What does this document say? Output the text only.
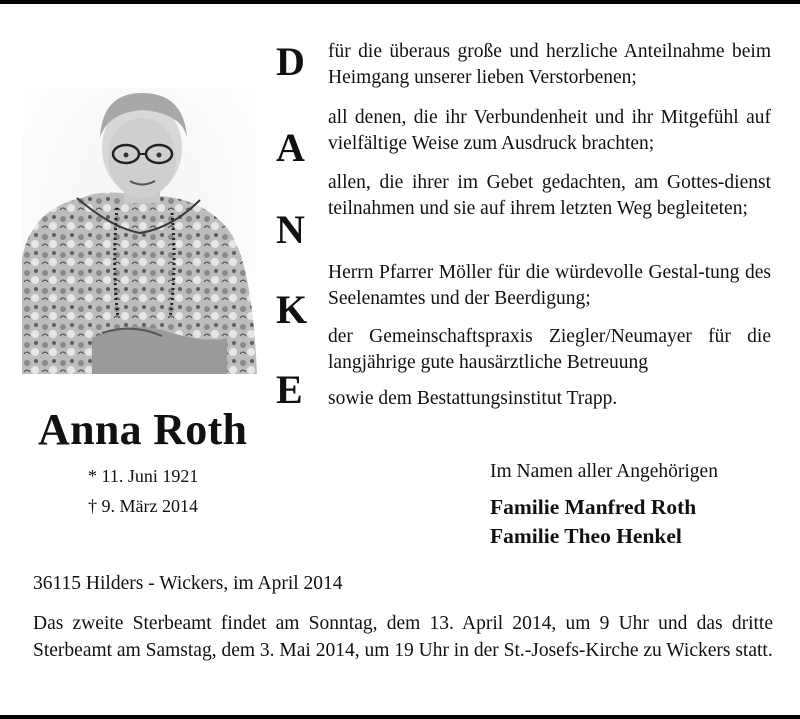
Anna Roth
* 11. Juni 1921
† 9. März 2014
D
A
N
K
E
für die überaus große und herzliche Anteilnahme beim Heimgang unserer lieben Verstorbenen;
all denen, die ihr Verbundenheit und ihr Mitgefühl auf vielfältige Weise zum Ausdruck brachten;
allen, die ihrer im Gebet gedachten, am Gottes-dienst teilnahmen und sie auf ihrem letzten Weg begleiteten;
Herrn Pfarrer Möller für die würdevolle Gestal-tung des Seelenamtes und der Beerdigung;
der Gemeinschaftspraxis Ziegler/Neumayer für die langjährige gute hausärztliche Betreuung
sowie dem Bestattungsinstitut Trapp.
Im Namen aller Angehörigen
Familie Manfred Roth
Familie Theo Henkel
36115 Hilders - Wickers, im April 2014
Das zweite Sterbeamt findet am Sonntag, dem 13. April 2014, um 9 Uhr und das dritte Sterbeamt am Samstag, dem 3. Mai 2014, um 19 Uhr in der St.-Josefs-Kirche zu Wickers statt.
